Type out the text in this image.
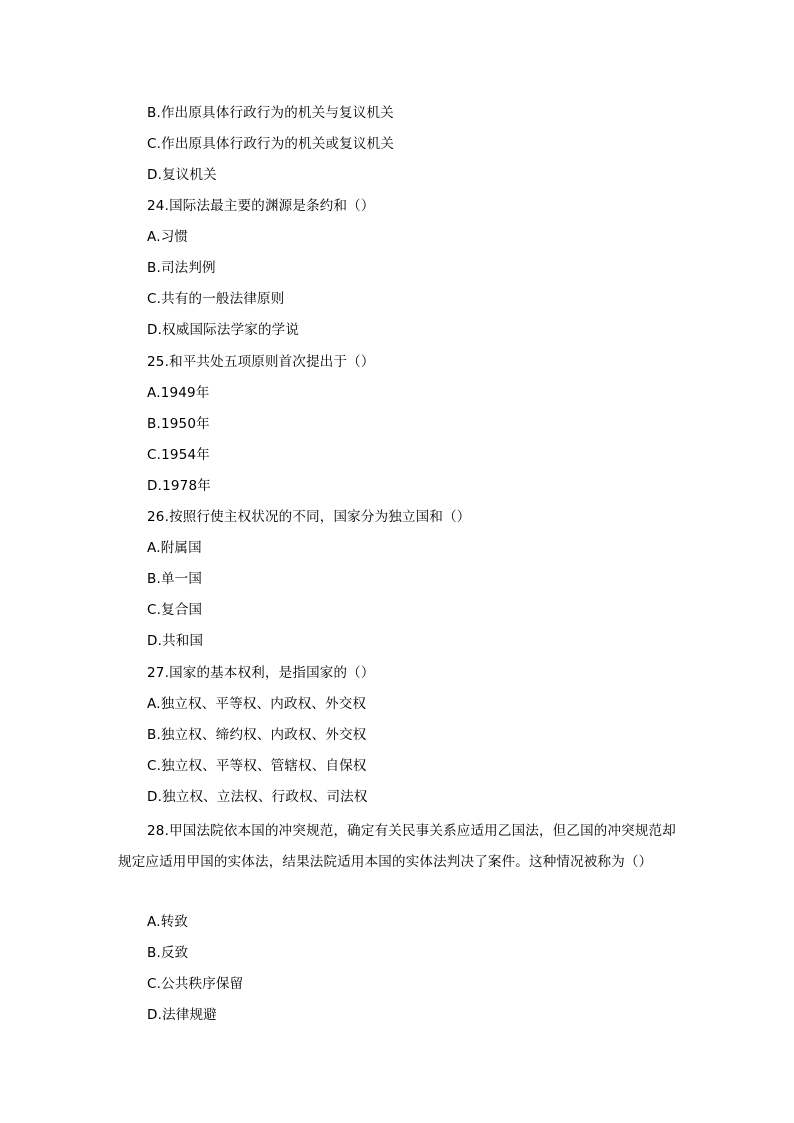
B.作出原具体行政行为的机关与复议机关
C.作出原具体行政行为的机关或复议机关
D.复议机关
24.国际法最主要的渊源是条约和（）
A.习惯
B.司法判例
C.共有的一般法律原则
D.权威国际法学家的学说
25.和平共处五项原则首次提出于（）
A.1949年
B.1950年
C.1954年
D.1978年
26.按照行使主权状况的不同，国家分为独立国和（）
A.附属国
B.单一国
C.复合国
D.共和国
27.国家的基本权利，是指国家的（）
A.独立权、平等权、内政权、外交权
B.独立权、缔约权、内政权、外交权
C.独立权、平等权、管辖权、自保权
D.独立权、立法权、行政权、司法权
28.甲国法院依本国的冲突规范，确定有关民事关系应适用乙国法，但乙国的冲突规范却规定应适用甲国的实体法，结果法院适用本国的实体法判决了案件。这种情况被称为（）
A.转致
B.反致
C.公共秩序保留
D.法律规避
